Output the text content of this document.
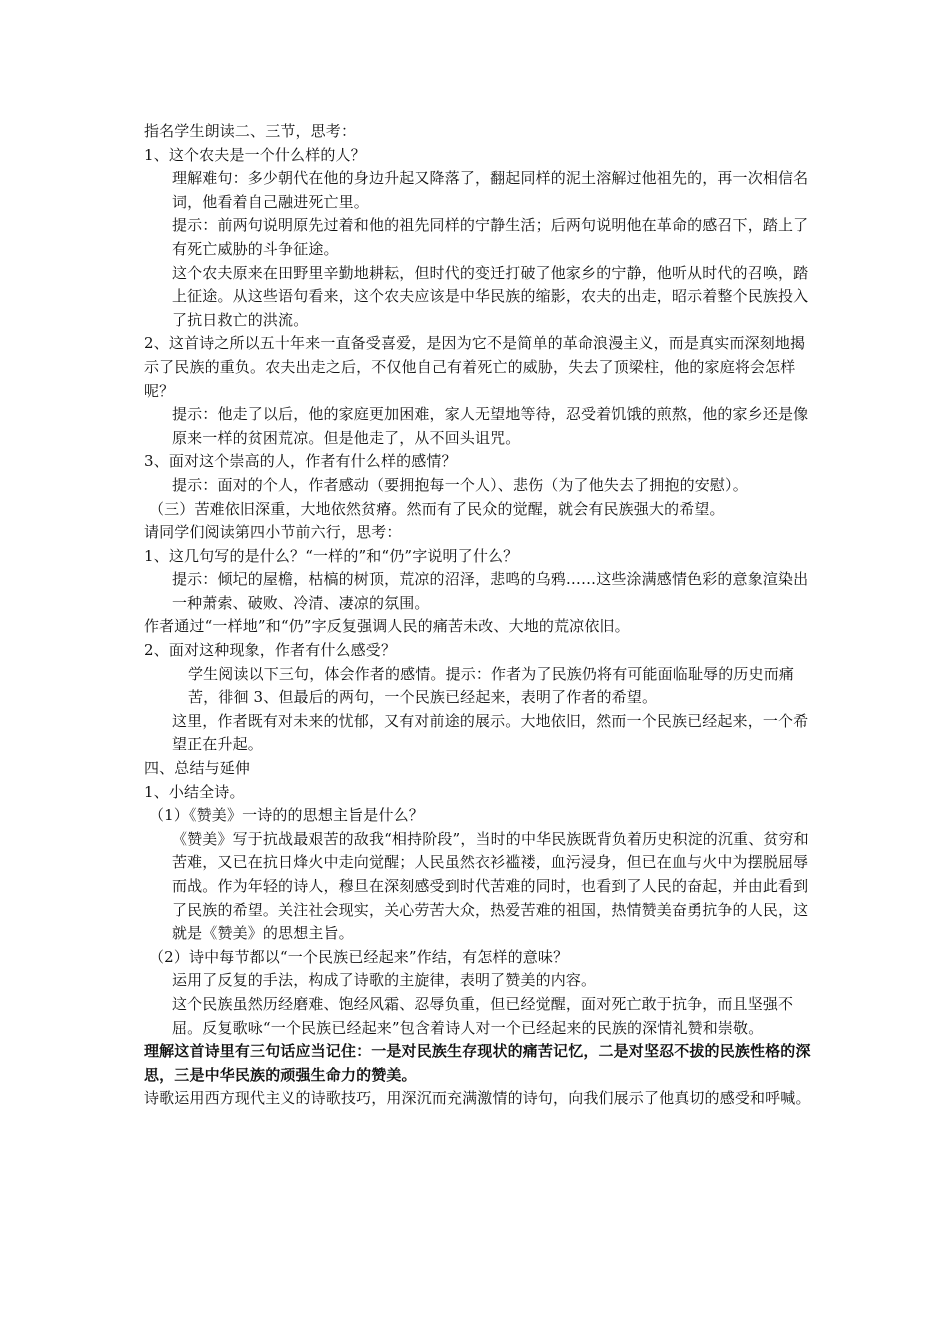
指名学生朗读二、三节，思考：

1、这个农夫是一个什么样的人？

理解难句：多少朝代在他的身边升起又降落了，翻起同样的泥土溶解过他祖先的，再一次相信名词，他看着自己融进死亡里。

提示：前两句说明原先过着和他的祖先同样的宁静生活；后两句说明他在革命的感召下，踏上了有死亡威胁的斗争征途。

这个农夫原来在田野里辛勤地耕耘，但时代的变迁打破了他家乡的宁静，他听从时代的召唤，踏上征途。从这些语句看来，这个农夫应该是中华民族的缩影，农夫的出走，昭示着整个民族投入了抗日救亡的洪流。

2、这首诗之所以五十年来一直备受喜爱，是因为它不是简单的革命浪漫主义，而是真实而深刻地揭示了民族的重负。农夫出走之后，不仅他自己有着死亡的威胁，失去了顶梁柱，他的家庭将会怎样呢？

提示：他走了以后，他的家庭更加困难，家人无望地等待，忍受着饥饿的煎熬，他的家乡还是像原来一样的贫困荒凉。但是他走了，从不回头诅咒。

3、面对这个崇高的人，作者有什么样的感情？

提示：面对的个人，作者感动（要拥抱每一个人）、悲伤（为了他失去了拥抱的安慰）。

（三）苦难依旧深重，大地依然贫瘠。然而有了民众的觉醒，就会有民族强大的希望。

请同学们阅读第四小节前六行，思考：

1、这几句写的是什么？“一样的”和“仍”字说明了什么？

提示：倾圮的屋檐，枯槁的树顶，荒凉的沼泽，悲鸣的乌鸦……这些涂满感情色彩的意象渲染出一种萧索、破败、冷清、凄凉的氛围。

作者通过“一样地”和“仍”字反复强调人民的痛苦未改、大地的荒凉依旧。

2、面对这种现象，作者有什么感受？

学生阅读以下三句，体会作者的感情。提示：作者为了民族仍将有可能面临耻辱的历史而痛苦，徘徊 3、但最后的两句，一个民族已经起来，表明了作者的希望。

这里，作者既有对未来的忧郁，又有对前途的展示。大地依旧，然而一个民族已经起来，一个希望正在升起。

四、总结与延伸

1、小结全诗。

（1）《赞美》一诗的的思想主旨是什么？

《赞美》写于抗战最艰苦的敌我“相持阶段”，当时的中华民族既背负着历史积淀的沉重、贫穷和苦难，又已在抗日烽火中走向觉醒；人民虽然衣衫褴褛，血污浸身，但已在血与火中为摆脱屈辱而战。作为年轻的诗人，穆旦在深刻感受到时代苦难的同时，也看到了人民的奋起，并由此看到了民族的希望。关注社会现实，关心劳苦大众，热爱苦难的祖国，热情赞美奋勇抗争的人民，这就是《赞美》的思想主旨。

（2）诗中每节都以“一个民族已经起来”作结，有怎样的意味？

运用了反复的手法，构成了诗歌的主旋律，表明了赞美的内容。

这个民族虽然历经磨难、饱经风霜、忍辱负重，但已经觉醒，面对死亡敢于抗争，而且坚强不屈。反复歌咏“一个民族已经起来”包含着诗人对一个已经起来的民族的深情礼赞和崇敬。

理解这首诗里有三句话应当记住：一是对民族生存现状的痛苦记忆，二是对坚忍不拔的民族性格的深思，三是中华民族的顽强生命力的赞美。

诗歌运用西方现代主义的诗歌技巧，用深沉而充满激情的诗句，向我们展示了他真切的感受和呼喊。
